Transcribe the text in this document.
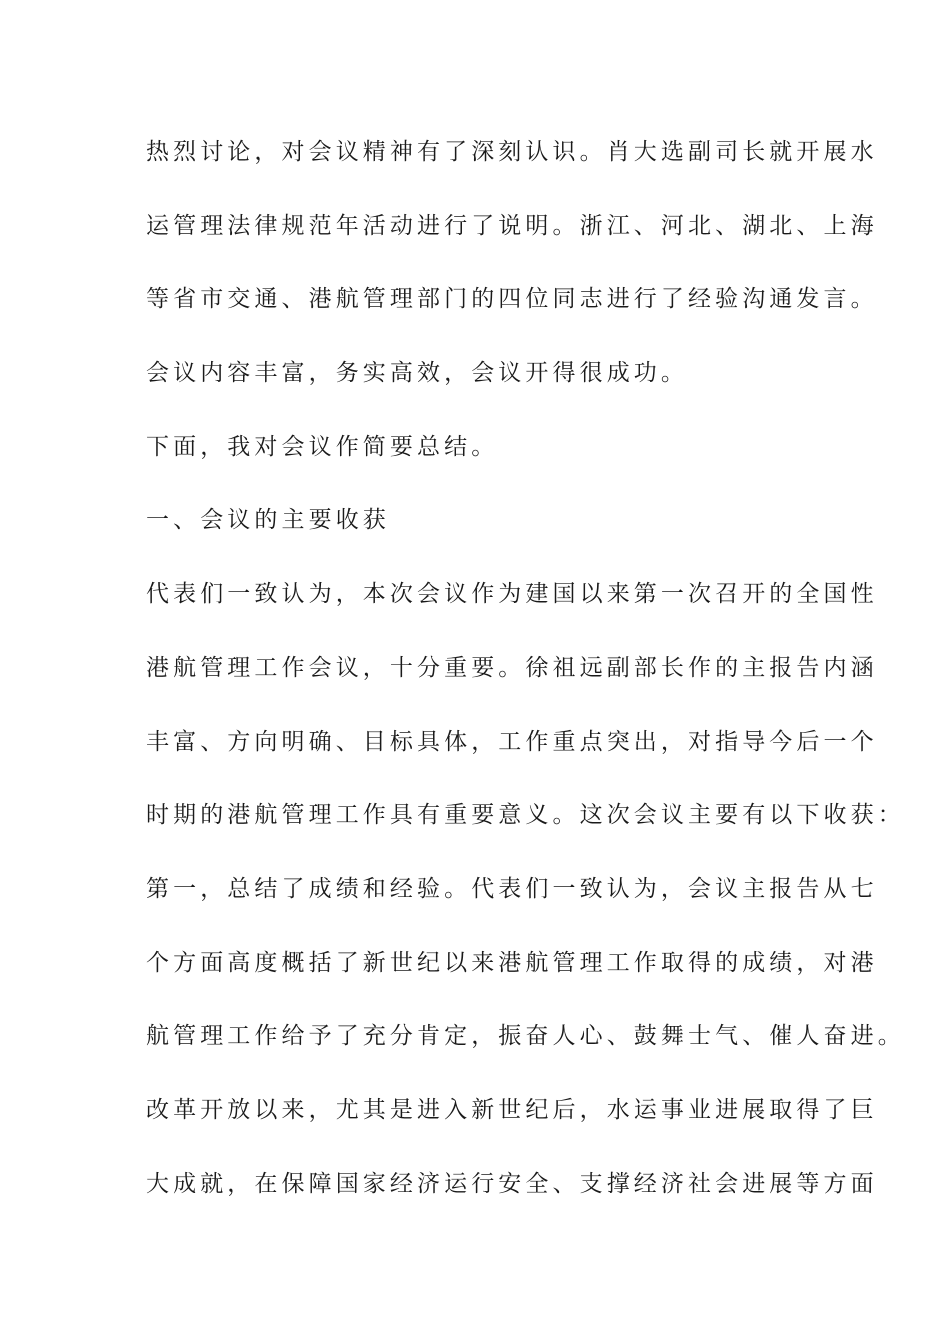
热烈讨论，对会议精神有了深刻认识。肖大选副司长就开展水
运管理法律规范年活动进行了说明。浙江、河北、湖北、上海
等省市交通、港航管理部门的四位同志进行了经验沟通发言。
会议内容丰富，务实高效，会议开得很成功。
下面，我对会议作简要总结。
一、会议的主要收获
代表们一致认为，本次会议作为建国以来第一次召开的全国性
港航管理工作会议，十分重要。徐祖远副部长作的主报告内涵
丰富、方向明确、目标具体，工作重点突出，对指导今后一个
时期的港航管理工作具有重要意义。这次会议主要有以下收获：
第一，总结了成绩和经验。代表们一致认为，会议主报告从七
个方面高度概括了新世纪以来港航管理工作取得的成绩，对港
航管理工作给予了充分肯定，振奋人心、鼓舞士气、催人奋进。
改革开放以来，尤其是进入新世纪后，水运事业进展取得了巨
大成就，在保障国家经济运行安全、支撑经济社会进展等方面
